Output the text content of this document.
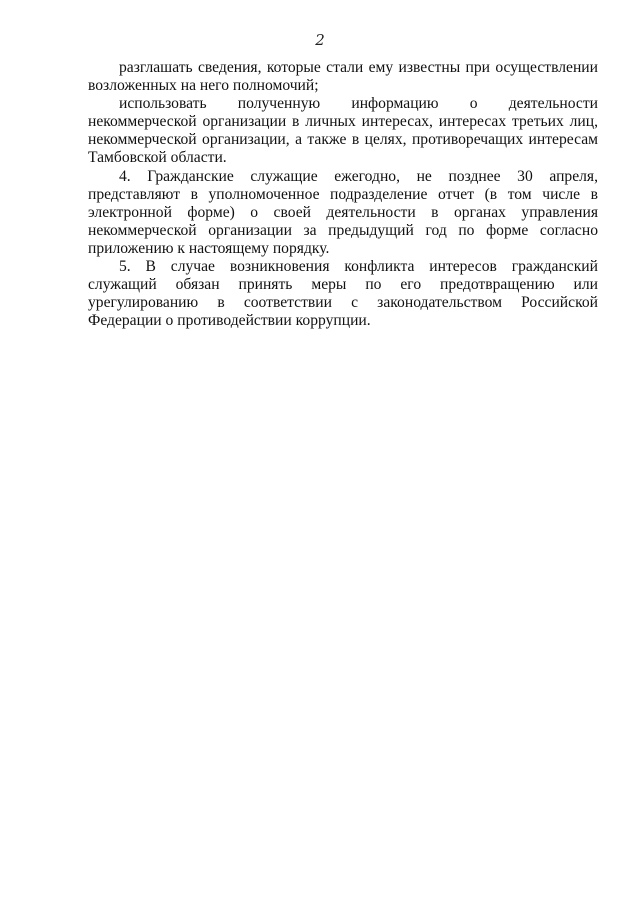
2

разглашать сведения, которые стали ему известны при осуществлении возложенных на него полномочий;

использовать полученную информацию о деятельности некоммерческой организации в личных интересах, интересах третьих лиц, некоммерческой организации, а также в целях, противоречащих интересам Тамбовской области.

4. Гражданские служащие ежегодно, не позднее 30 апреля, представляют в уполномоченное подразделение отчет (в том числе в электронной форме) о своей деятельности в органах управления некоммерческой организации за предыдущий год по форме согласно приложению к настоящему порядку.

5. В случае возникновения конфликта интересов гражданский служащий обязан принять меры по его предотвращению или урегулированию в соответствии с законодательством Российской Федерации о противодействии коррупции.
